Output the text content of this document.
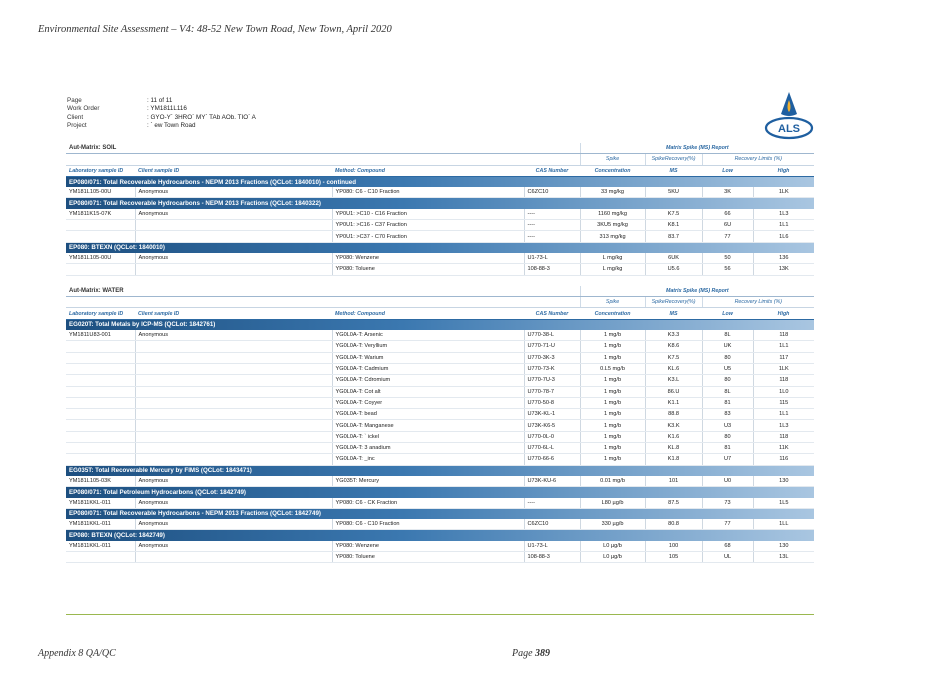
Environmental Site Assessment – V4: 48-52 New Town Road, New Town, April 2020
Page	: 11 of 11
Work Order	: YM1811L116
Client	: GYO-Y` 3HRO` MY` TAb AOb. TIO` A
Project	: ` ew Town Road	ALS
Aut-Matrix: SOIL				Matrix Spike (MS) Report			
				Spike	SpikeRecovery(%)	Recovery Limits (%)	
Laboratory sample ID	Client sample ID	Method: Compound	CAS Number	Concentration	MS	Low	High
EP080/071: Total Recoverable Hydrocarbons - NEPM 2013 Fractions (QCLot: 1840010) - continued							
YM181L105-00U	Anonymous	YP080: C6 - C10 Fraction	C6ZC10	33 mg/kg	5KU	3K	1LK
EP080/071: Total Recoverable Hydrocarbons - NEPM 2013 Fractions (QCLot: 1840322)							
YM1811K15-07K	Anonymous	YP0U1: >C10 - C16 Fraction	----	1160 mg/kg	K7.5	66	1L3
		YP0U1: >C16 - C37 Fraction	----	3KU5 mg/kg	K8.1	6U	1L1
		YP0U1: >C37 - C70 Fraction	----	313 mg/kg	83.7	77	1L6
EP080: BTEXN (QCLot: 1840010)							
YM181L105-00U	Anonymous	YP080: Wenzene	U1-73-L	L mg/kg	6UK	50	136
		YP080: Toluene	108-88-3	L mg/kg	U5.6	56	13K

Aut-Matrix: WATER				Matrix Spike (MS) Report			
				Spike	SpikeRecovery(%)	Recovery Limits (%)	
Laboratory sample ID	Client sample ID	Method: Compound	CAS Number	Concentration	MS	Low	High
EG020T: Total Metals by ICP-MS (QCLot: 1842761)							
YM1811U83-001	Anonymous	YG0L0A-T: Arsenic	U770-38-L	1 mg/b	K3.3	8L	118
		YG0L0A-T: Veryllium	U770-71-U	1 mg/b	K8.6	UK	1L1
		YG0L0A-T: Warium	U770-3K-3	1 mg/b	K7.5	80	117
		YG0L0A-T: Cadmium	U770-73-K	0.L5 mg/b	KL.6	U5	1LK
		YG0L0A-T: Cdromium	U770-7U-3	1 mg/b	K3.L	80	118
		YG0L0A-T: Cot alt	U770-78-7	1 mg/b	86.U	8L	1L0
		YG0L0A-T: Coyyer	U770-50-8	1 mg/b	K1.1	81	115
		YG0L0A-T: bead	U73K-KL-1	1 mg/b	88.8	83	1L1
		YG0L0A-T: Manganese	U73K-K6-5	1 mg/b	K3.K	U3	1L3
		YG0L0A-T: ` ickel	U770-0L-0	1 mg/b	K1.6	80	118
		YG0L0A-T: 3 anadium	U770-6L-L	1 mg/b	KL.8	81	11K
		YG0L0A-T: _inc	U770-66-6	1 mg/b	K1.8	U7	116
EG035T: Total Recoverable Mercury by FIMS (QCLot: 1843471)							
YM181L105-03K	Anonymous	YG035T: Mercury	U73K-KU-6	0.01 mg/b	101	U0	130
EP080/071: Total Petroleum Hydrocarbons (QCLot: 1842749)							
YM1811KKL-011	Anonymous	YP080: C6 - CK Fraction	----	L80 µg/b	87.5	73	1L5
EP080/071: Total Recoverable Hydrocarbons - NEPM 2013 Fractions (QCLot: 1842749)							
YM1811KKL-011	Anonymous	YP080: C6 - C10 Fraction	C6ZC10	330 µg/b	80.8	77	1LL
EP080: BTEXN (QCLot: 1842749)							
YM1811KKL-011	Anonymous	YP080: Wenzene	U1-73-L	L0 µg/b	100	68	130
		YP080: Toluene	108-88-3	L0 µg/b	105	UL	13L
Appendix 8 QA/QC	Page 389
